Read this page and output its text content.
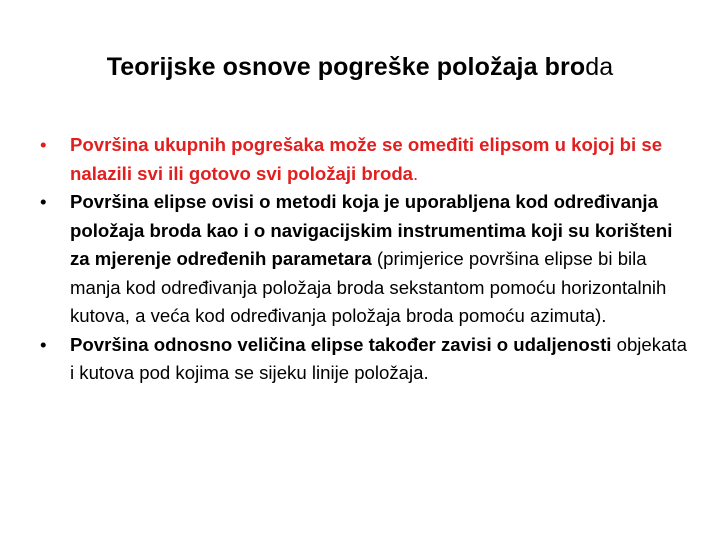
Teorijske osnove pogreške položaja broda
•	Površina ukupnih pogrešaka može se omeđiti elipsom u kojoj bi se nalazili svi ili gotovo svi položaji broda.
•	Površina elipse ovisi o metodi koja je uporabljena kod određivanja položaja broda kao i o navigacijskim instrumentima koji su korišteni za mjerenje određenih parametara (primjerice površina elipse bi bila manja kod određivanja položaja broda sekstantom pomoću horizontalnih kutova, a veća kod određivanja položaja broda pomoću azimuta).
•	Površina odnosno veličina elipse također zavisi o udaljenosti objekata i kutova pod kojima se sijeku linije položaja.
